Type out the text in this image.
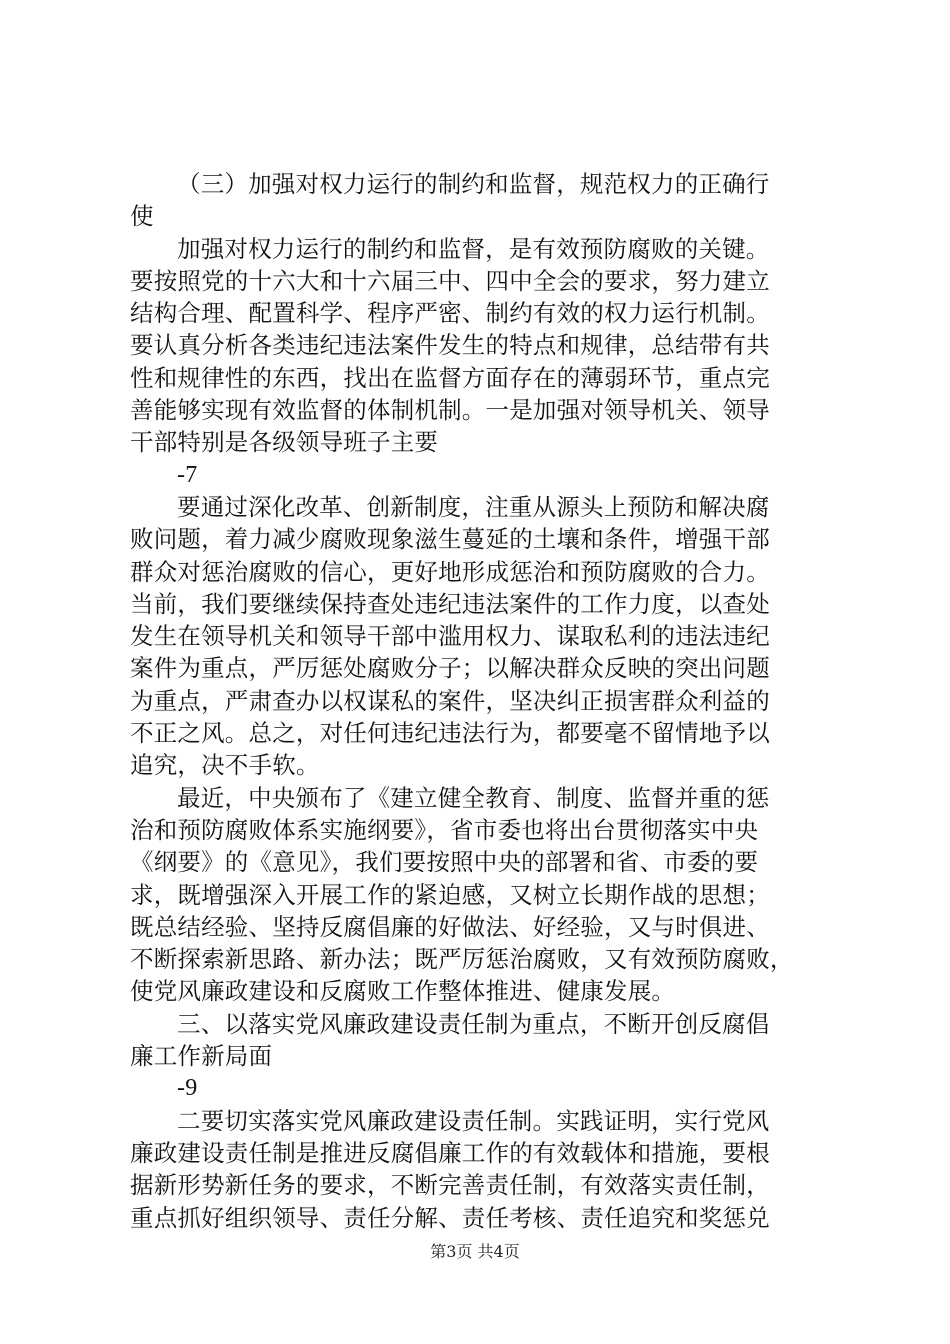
（三）加强对权力运行的制约和监督，规范权力的正确行
使
加强对权力运行的制约和监督，是有效预防腐败的关键。
要按照党的十六大和十六届三中、四中全会的要求，努力建立
结构合理、配置科学、程序严密、制约有效的权力运行机制。
要认真分析各类违纪违法案件发生的特点和规律，总结带有共
性和规律性的东西，找出在监督方面存在的薄弱环节，重点完
善能够实现有效监督的体制机制。一是加强对领导机关、领导
干部特别是各级领导班子主要
-7
要通过深化改革、创新制度，注重从源头上预防和解决腐
败问题，着力减少腐败现象滋生蔓延的土壤和条件，增强干部
群众对惩治腐败的信心，更好地形成惩治和预防腐败的合力。
当前，我们要继续保持查处违纪违法案件的工作力度，以查处
发生在领导机关和领导干部中滥用权力、谋取私利的违法违纪
案件为重点，严厉惩处腐败分子；以解决群众反映的突出问题
为重点，严肃查办以权谋私的案件，坚决纠正损害群众利益的
不正之风。总之，对任何违纪违法行为，都要毫不留情地予以
追究，决不手软。
最近，中央颁布了《建立健全教育、制度、监督并重的惩
治和预防腐败体系实施纲要》，省市委也将出台贯彻落实中央
《纲要》的《意见》，我们要按照中央的部署和省、市委的要
求，既增强深入开展工作的紧迫感，又树立长期作战的思想；
既总结经验、坚持反腐倡廉的好做法、好经验，又与时俱进、
不断探索新思路、新办法；既严厉惩治腐败，又有效预防腐败，
使党风廉政建设和反腐败工作整体推进、健康发展。
三、以落实党风廉政建设责任制为重点，不断开创反腐倡
廉工作新局面
-9
二要切实落实党风廉政建设责任制。实践证明，实行党风
廉政建设责任制是推进反腐倡廉工作的有效载体和措施，要根
据新形势新任务的要求，不断完善责任制，有效落实责任制，
重点抓好组织领导、责任分解、责任考核、责任追究和奖惩兑
第3页 共4页
